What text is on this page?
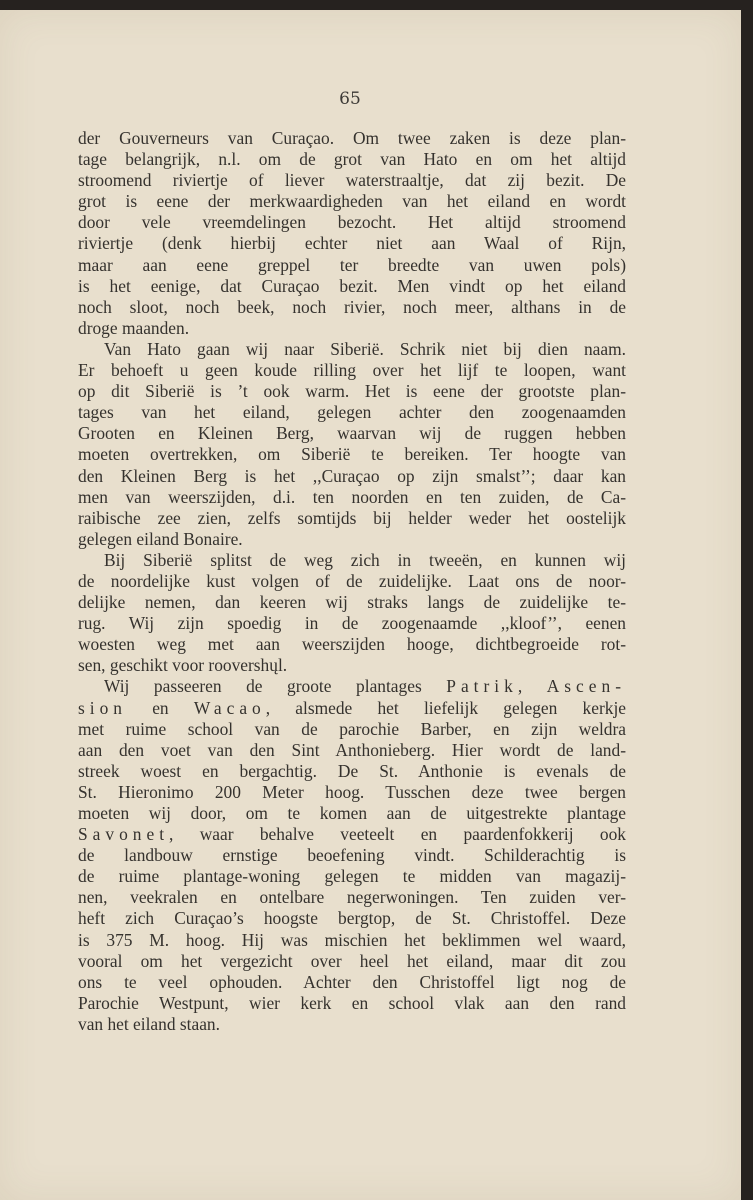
65

der Gouverneurs van Curaçao. Om twee zaken is deze plan-
tage belangrijk, n.l. om de grot van Hato en om het altijd
stroomend riviertje of liever waterstraaltje, dat zij bezit. De
grot is eene der merkwaardigheden van het eiland en wordt
door vele vreemdelingen bezocht. Het altijd stroomend
riviertje (denk hierbij echter niet aan Waal of Rijn,
maar aan eene greppel ter breedte van uwen pols)
is het eenige, dat Curaçao bezit. Men vindt op het eiland
noch sloot, noch beek, noch rivier, noch meer, althans in de
droge maanden.

Van Hato gaan wij naar Siberië. Schrik niet bij dien naam.
Er behoeft u geen koude rilling over het lijf te loopen, want
op dit Siberië is ’t ook warm. Het is eene der grootste plan-
tages van het eiland, gelegen achter den zoogenaamden
Grooten en Kleinen Berg, waarvan wij de ruggen hebben
moeten overtrekken, om Siberië te bereiken. Ter hoogte van
den Kleinen Berg is het ,,Curaçao op zijn smalst’’; daar kan
men van weerszijden, d.i. ten noorden en ten zuiden, de Ca-
raibische zee zien, zelfs somtijds bij helder weder het oostelijk
gelegen eiland Bonaire.

Bij Siberië splitst de weg zich in tweeën, en kunnen wij
de noordelijke kust volgen of de zuidelijke. Laat ons de noor-
delijke nemen, dan keeren wij straks langs de zuidelijke te-
rug. Wij zijn spoedig in de zoogenaamde ,,kloof’’, eenen
woesten weg met aan weerszijden hooge, dichtbegroeide rot-
sen, geschikt voor roovershųl.

Wij passeeren de groote plantages Patrik, Ascen-
sion en Wacao, alsmede het liefelijk gelegen kerkje
met ruime school van de parochie Barber, en zijn weldra
aan den voet van den Sint Anthonieberg. Hier wordt de land-
streek woest en bergachtig. De St. Anthonie is evenals de
St. Hieronimo 200 Meter hoog. Tusschen deze twee bergen
moeten wij door, om te komen aan de uitgestrekte plantage
Savonet, waar behalve veeteelt en paardenfokkerij ook
de landbouw ernstige beoefening vindt. Schilderachtig is
de ruime plantage-woning gelegen te midden van magazij-
nen, veekralen en ontelbare negerwoningen. Ten zuiden ver-
heft zich Curaçao’s hoogste bergtop, de St. Christoffel. Deze
is 375 M. hoog. Hij was mischien het beklimmen wel waard,
vooral om het vergezicht over heel het eiland, maar dit zou
ons te veel ophouden. Achter den Christoffel ligt nog de
Parochie Westpunt, wier kerk en school vlak aan den rand
van het eiland staan.
